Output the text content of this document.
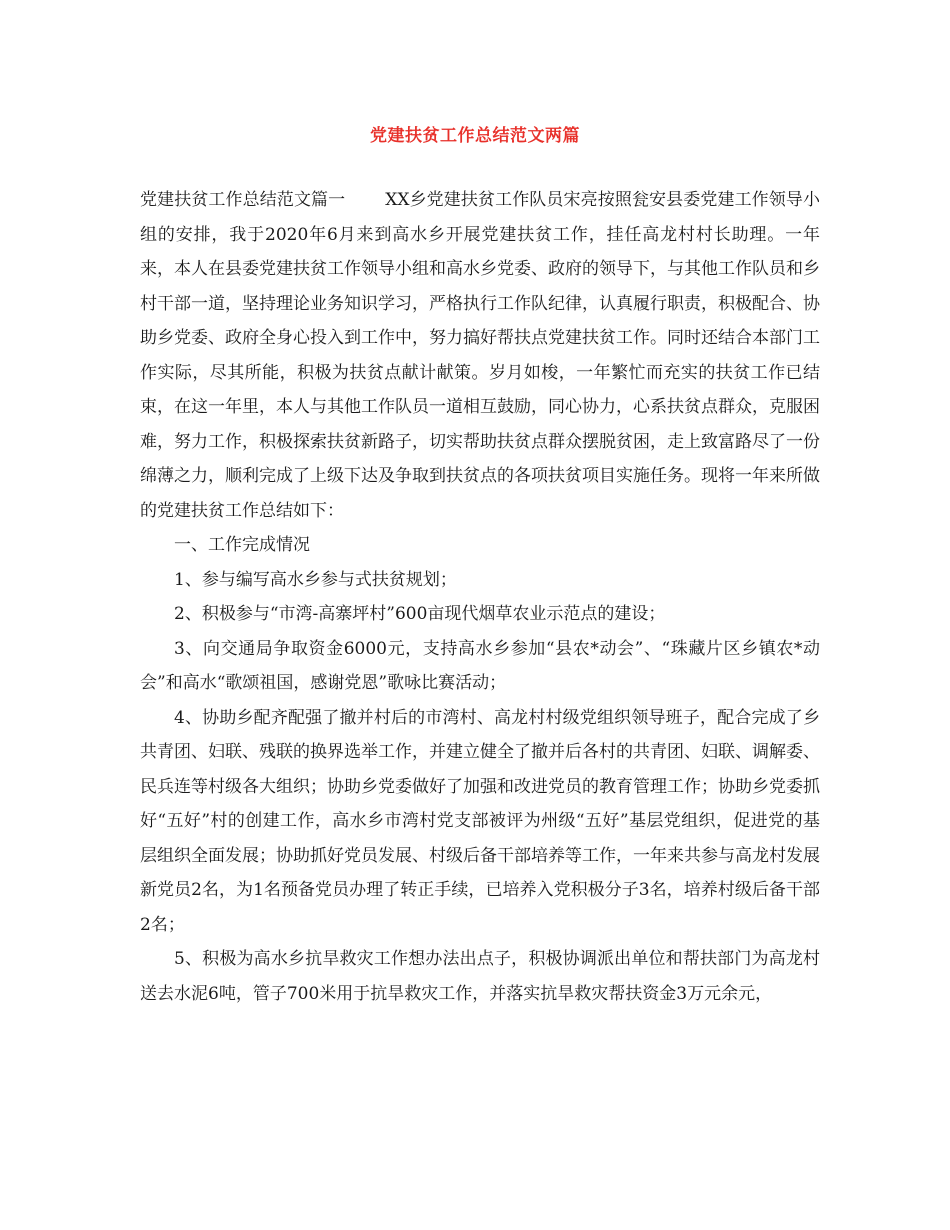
党建扶贫工作总结范文两篇

党建扶贫工作总结范文篇一 XX乡党建扶贫工作队员宋亮按照瓮安县委党建工作领导小组的安排，我于2020年6月来到高水乡开展党建扶贫工作，挂任高龙村村长助理。一年来，本人在县委党建扶贫工作领导小组和高水乡党委、政府的领导下，与其他工作队员和乡村干部一道，坚持理论业务知识学习，严格执行工作队纪律，认真履行职责，积极配合、协助乡党委、政府全身心投入到工作中，努力搞好帮扶点党建扶贫工作。同时还结合本部门工作实际，尽其所能，积极为扶贫点献计献策。岁月如梭，一年繁忙而充实的扶贫工作已结束，在这一年里，本人与其他工作队员一道相互鼓励，同心协力，心系扶贫点群众，克服困难，努力工作，积极探索扶贫新路子，切实帮助扶贫点群众摆脱贫困，走上致富路尽了一份绵薄之力，顺利完成了上级下达及争取到扶贫点的各项扶贫项目实施任务。现将一年来所做的党建扶贫工作总结如下：

一、工作完成情况

1、参与编写高水乡参与式扶贫规划；

2、积极参与“市湾-高寨坪村”600亩现代烟草农业示范点的建设；

3、向交通局争取资金6000元，支持高水乡参加“县农*动会”、“珠藏片区乡镇农*动会”和高水“歌颂祖国，感谢党恩”歌咏比赛活动；

4、协助乡配齐配强了撤并村后的市湾村、高龙村村级党组织领导班子，配合完成了乡共青团、妇联、残联的换界选举工作，并建立健全了撤并后各村的共青团、妇联、调解委、民兵连等村级各大组织；协助乡党委做好了加强和改进党员的教育管理工作；协助乡党委抓好“五好”村的创建工作，高水乡市湾村党支部被评为州级“五好”基层党组织，促进党的基层组织全面发展；协助抓好党员发展、村级后备干部培养等工作，一年来共参与高龙村发展新党员2名，为1名预备党员办理了转正手续，已培养入党积极分子3名，培养村级后备干部2名；

5、积极为高水乡抗旱救灾工作想办法出点子，积极协调派出单位和帮扶部门为高龙村送去水泥6吨，管子700米用于抗旱救灾工作，并落实抗旱救灾帮扶资金3万元余元，
